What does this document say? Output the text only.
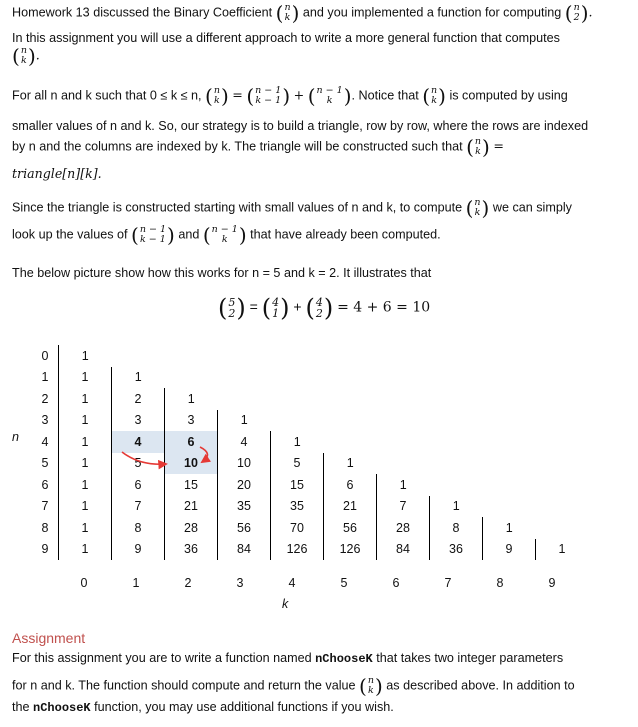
Homework 13 discussed the Binary Coefficient ( n
k ) and you implemented a function for computing ( n
2 ) .
In this assignment you will use a different approach to write a more general function that computes
( n
k ) .
For all n and k such that 0 ≤ k ≤ n, ( n
k ) = ( n − 1
k − 1 ) + ( n − 1
k ) . Notice that ( n
k ) is computed by using
smaller values of n and k. So, our strategy is to build a triangle, row by row, where the rows are indexed
by n and the columns are indexed by k. The triangle will be constructed such that ( n
k ) =
triangle[n][k].
Since the triangle is constructed starting with small values of n and k, to compute ( n
k ) we can simply
look up the values of ( n − 1
k − 1 ) and ( n − 1
k ) that have already been computed.
The below picture show how this works for n = 5 and k = 2. It illustrates that
( 5
2 ) = ( 4
1 ) + ( 4
2 ) = 4 + 6 = 10
n
0	1									
1	1	1								
2	1	2	1							
3	1	3	3	1						
4	1	4	6	4	1					
5	1	5	10	10	5	1				
6	1	6	15	20	15	6	1			
7	1	7	21	35	35	21	7	1		
8	1	8	28	56	70	56	28	8	1	
9	1	9	36	84	126	126	84	36	9	1
0	1	2	3	4	5	6	7	8	9
k
Assignment
For this assignment you are to write a function named nChooseK that takes two integer parameters
for n and k. The function should compute and return the value ( n
k ) as described above. In addition to
the nChooseK function, you may use additional functions if you wish.
